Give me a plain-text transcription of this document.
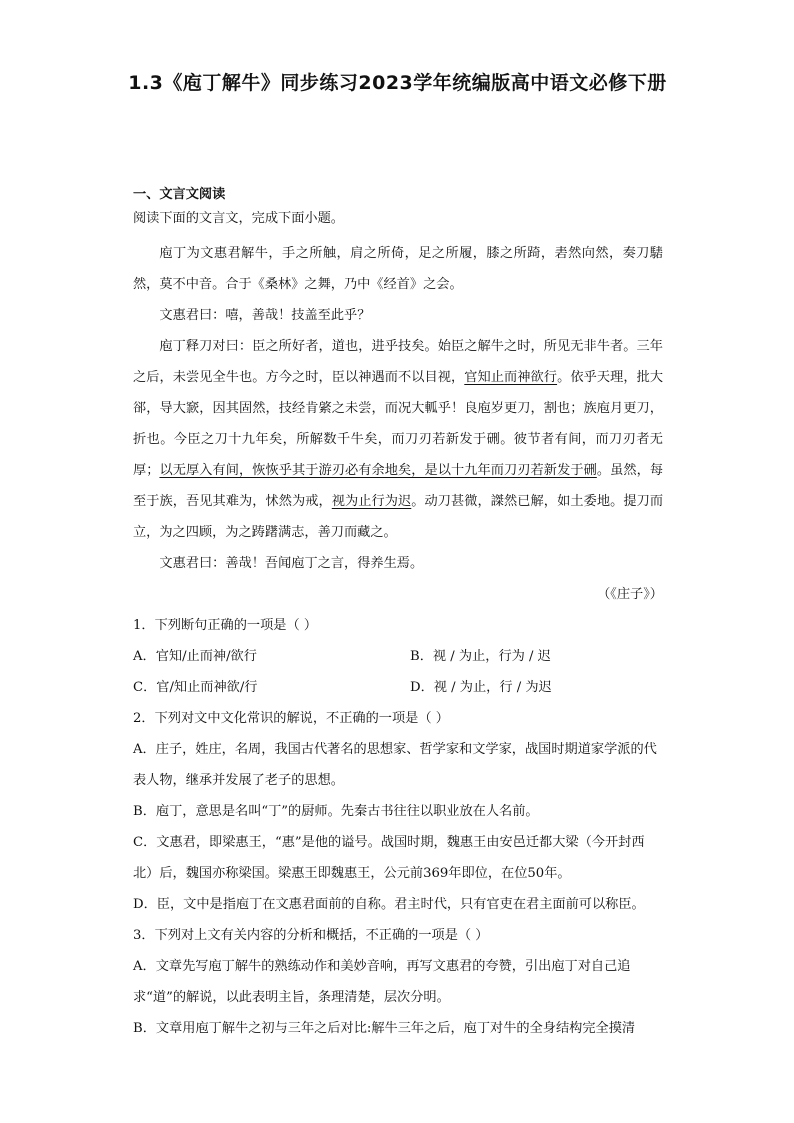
1.3《庖丁解牛》同步练习2023学年统编版高中语文必修下册
一、文言文阅读
阅读下面的文言文，完成下面小题。

庖丁为文惠君解牛，手之所触，肩之所倚，足之所履，膝之所踦，砉然向然，奏刀騞然，莫不中音。合于《桑林》之舞，乃中《经首》之会。

文惠君曰：嘻，善哉！技盖至此乎？

庖丁释刀对曰：臣之所好者，道也，进乎技矣。始臣之解牛之时，所见无非牛者。三年之后，未尝见全牛也。方今之时，臣以神遇而不以目视，官知止而神欲行。依乎天理，批大郤，导大窾，因其固然，技经肯綮之未尝，而况大軱乎！良庖岁更刀，割也；族庖月更刀，折也。今臣之刀十九年矣，所解数千牛矣，而刀刃若新发于硎。彼节者有间，而刀刃者无厚；以无厚入有间，恢恢乎其于游刃必有余地矣，是以十九年而刀刃若新发于硎。虽然，每至于族，吾见其难为，怵然为戒，视为止行为迟。动刀甚微，謋然已解，如土委地。提刀而立，为之四顾，为之踌躇满志，善刀而藏之。

文惠君曰：善哉！吾闻庖丁之言，得养生焉。

（《庄子》）

1．下列断句正确的一项是（ ）

A．官知/止而神/欲行	B．视 / 为止，行为 / 迟
C．官/知止而神欲/行	D．视 / 为止，行 / 为迟

2．下列对文中文化常识的解说，不正确的一项是（ ）

A．庄子，姓庄，名周，我国古代著名的思想家、哲学家和文学家，战国时期道家学派的代表人物，继承并发展了老子的思想。

B．庖丁，意思是名叫“丁”的厨师。先秦古书往往以职业放在人名前。

C．文惠君，即梁惠王，“惠”是他的谥号。战国时期，魏惠王由安邑迁都大梁（今开封西北）后，魏国亦称梁国。梁惠王即魏惠王，公元前369年即位，在位50年。

D．臣，文中是指庖丁在文惠君面前的自称。君主时代，只有官吏在君主面前可以称臣。

3．下列对上文有关内容的分析和概括，不正确的一项是（ ）

A．文章先写庖丁解牛的熟练动作和美妙音响，再写文惠君的夸赞，引出庖丁对自己追求“道”的解说，以此表明主旨，条理清楚，层次分明。

B．文章用庖丁解牛之初与三年之后对比:解牛三年之后，庖丁对牛的全身结构完全摸清
